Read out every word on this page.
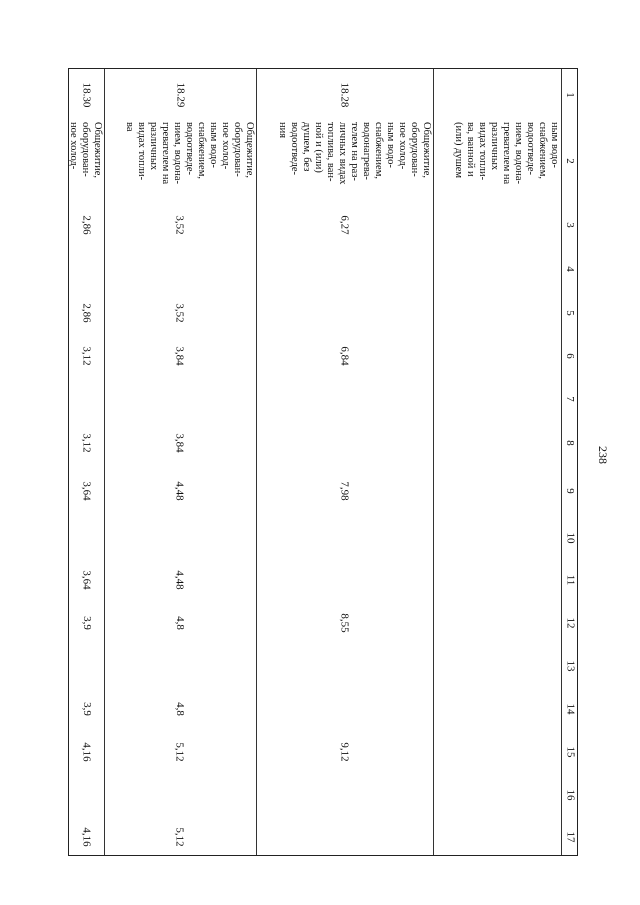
238
1
2
3
4
5
6
7
8
9
10
11
12
13
14
15
16
17
ным водо-
снабжением,
водоотведе-
нием, водона-
гревателем на
различных
видах топли-
ва, ванной и
(или) душем
18.28
Общежитие,
оборудован-
ное холод-
ным водо-
снабжением,
водонагрева-
телем на раз-
личных видах
топлива, ван-
ной и (или)
душем, без
водоотведе-
ния
6,27
6,84
7,98
8,55
9,12
18.29
Общежитие,
оборудован-
ное холод-
ным водо-
снабжением,
водоотведе-
нием, водона-
гревателем на
различных
видах топли-
ва
3,52
3,52
3,84
3,84
4,48
4,48
4,8
4,8
5,12
5,12
18.30
Общежитие,
оборудован-
ное холод-
2,86
2,86
3,12
3,12
3,64
3,64
3,9
3,9
4,16
4,16
